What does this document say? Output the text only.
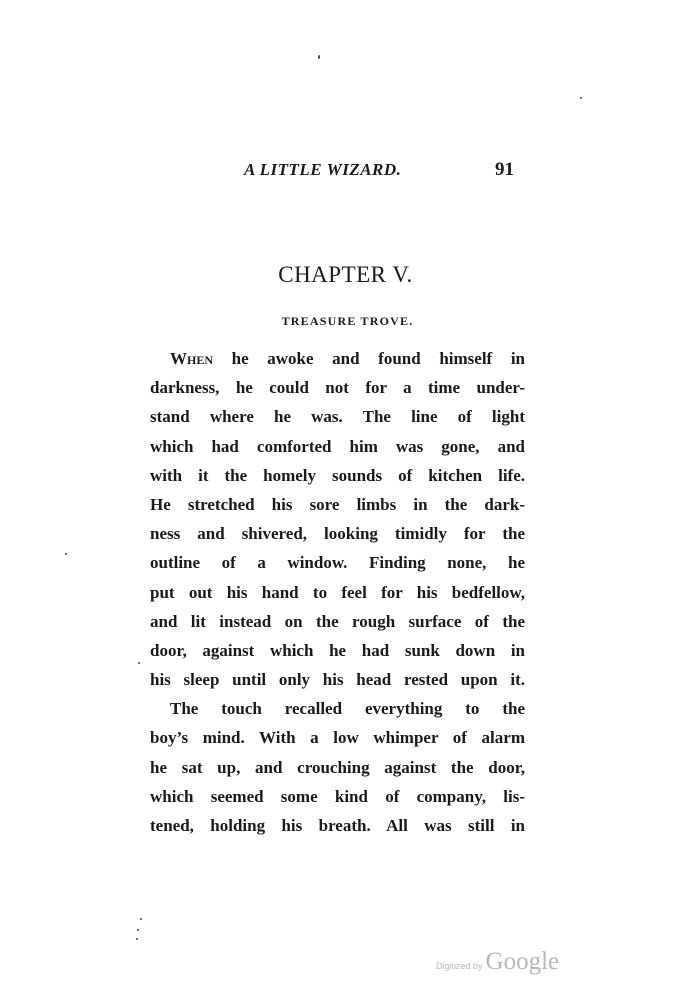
A LITTLE WIZARD.	91
CHAPTER V.
TREASURE TROVE.
When he awoke and found himself in
darkness, he could not for a time under-
stand where he was. The line of light
which had comforted him was gone, and
with it the homely sounds of kitchen life.
He stretched his sore limbs in the dark-
ness and shivered, looking timidly for the
outline of a window. Finding none, he
put out his hand to feel for his bedfellow,
and lit instead on the rough surface of the
door, against which he had sunk down in
his sleep until only his head rested upon it.
The touch recalled everything to the
boy’s mind. With a low whimper of alarm
he sat up, and crouching against the door,
which seemed some kind of company, lis-
tened, holding his breath. All was still in
Digitized by Google
